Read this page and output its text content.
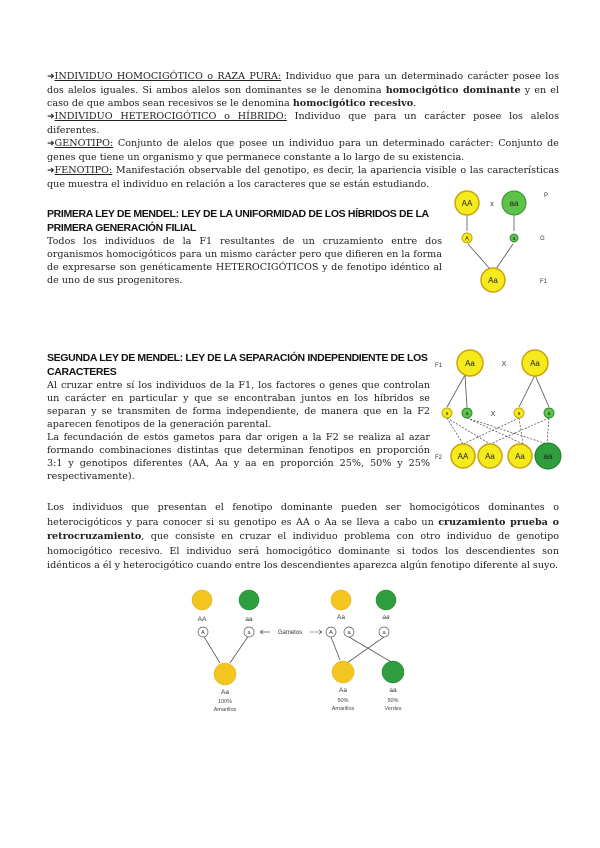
➜INDIVIDUO HOMOCIGÓTICO o RAZA PURA: Individuo que para un determinado carácter posee los dos alelos iguales. Si ambos alelos son dominantes se le denomina homocigótico dominante y en el caso de que ambos sean recesivos se le denomina homocigótico recesivo.

➜INDIVIDUO HETEROCIGÓTICO o HÍBRIDO: Individuo que para un carácter posee los alelos diferentes.

➜GENOTIPO: Conjunto de alelos que posee un individuo para un determinado carácter: Conjunto de genes que tiene un organismo y que permanece constante a lo largo de su existencia.

➜FENOTIPO: Manifestación observable del genotipo, es decir, la apariencia visible o las características que muestra el individuo en relación a los caracteres que se están estudiando.

PRIMERA LEY DE MENDEL: LEY DE LA UNIFORMIDAD DE LOS HÍBRIDOS DE LA PRIMERA GENERACIÓN FILIAL
Todos los individuos de la F1 resultantes de un cruzamiento entre dos organismos homocigóticos para un mismo carácter pero que difieren en la forma de expresarse son genéticamente HETEROCIGÓTICOS y de fenotipo idéntico al de uno de sus progenitores.
SEGUNDA LEY DE MENDEL: LEY DE LA SEPARACIÓN INDEPENDIENTE DE LOS CARACTERES
Al cruzar entre sí los individuos de la F1, los factores o genes que controlan un carácter en particular y que se encontraban juntos en los híbridos se separan y se transmiten de forma independiente, de manera que en la F2 aparecen fenotipos de la generación parental.
La fecundación de estos gametos para dar origen a la F2 se realiza al azar formando combinaciones distintas que determinan fenotipos en proporción 3:1 y genotipos diferentes (AA, Aa y aa en proporción 25%, 50% y 25% respectivamente).
Los individuos que presentan el fenotipo dominante pueden ser homocigóticos dominantes o heterocigóticos y para conocer si su genotipo es AA o Aa se lleva a cabo un cruzamiento prueba o retrocruzamiento, que consiste en cruzar el individuo problema con otro individuo de genotipo homocigótico recesivo. El individuo será homocigótico dominante si todos los descendientes son idénticos a él y heterocigótico cuando entre los descendientes aparezca algún fenotipo diferente al suyo.
AA	x aa
P
A	a	G
Aa	F1
F1	Aa	X	Aa
a	a	X	a	a
F2 AA Aa	Aa aa
AA	aa
A	a
Aa
100%
Amarillos
Gametos
Aa	aa
A	a	a
Aa
50%
Amarillos
aa
50%
Verdes
